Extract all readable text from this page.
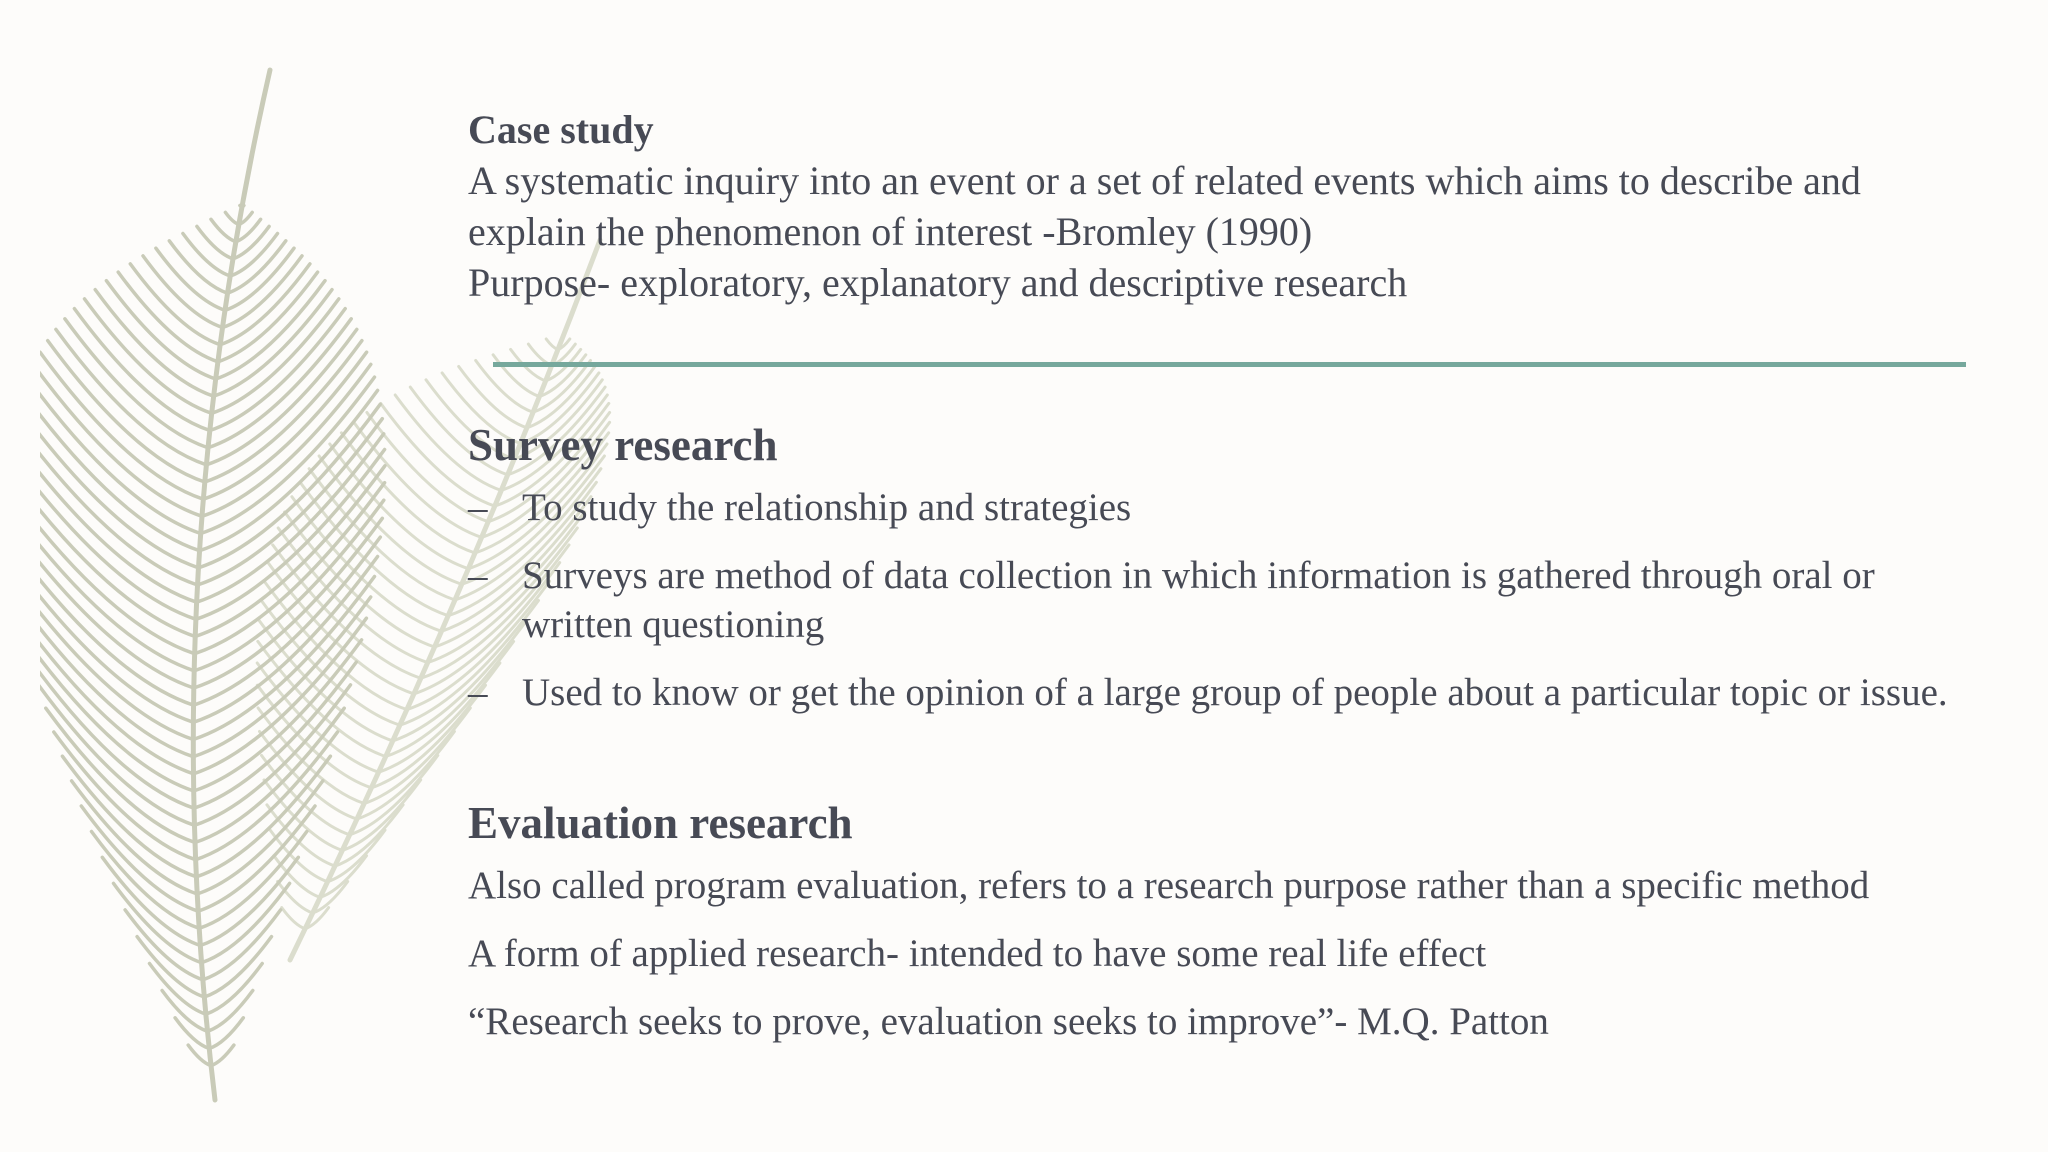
Case study

A systematic inquiry into an event or a set of related events which aims to describe and

explain the phenomenon of interest -Bromley (1990)

Purpose- exploratory, explanatory and descriptive research

Survey research

– To study the relationship and strategies
– Surveys are method of data collection in which information is gathered through oral or written questioning
– Used to know or get the opinion of a large group of people about a particular topic or issue.

Evaluation research

Also called program evaluation, refers to a research purpose rather than a specific method
A form of applied research- intended to have some real life effect
“Research seeks to prove, evaluation seeks to improve”- M.Q. Patton
